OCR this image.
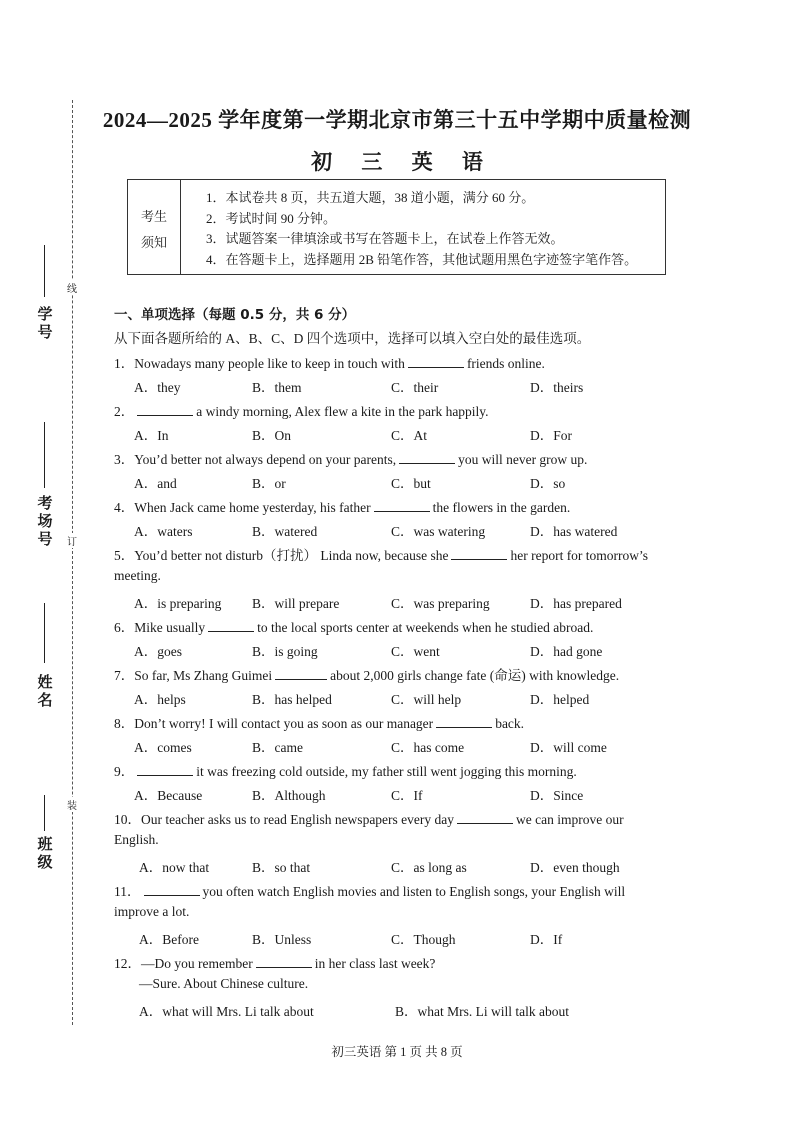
线
订
装
学号
考场号
姓名
班级
2024—2025 学年度第一学期北京市第三十五中学期中质量检测
初 三 英 语
考生
须知
1．本试卷共 8 页，共五道大题，38 道小题，满分 60 分。
2．考试时间 90 分钟。
3．试题答案一律填涂或书写在答题卡上，在试卷上作答无效。
4．在答题卡上，选择题用 2B 铅笔作答，其他试题用黑色字迹签字笔作答。
一、单项选择（每题 0.5 分，共 6 分）
从下面各题所给的 A、B、C、D 四个选项中，选择可以填入空白处的最佳选项。
1．Nowadays many people like to keep in touch with	friends online.
A．they	B．them	C．their	D．theirs
2．	a windy morning, Alex flew a kite in the park happily.
A．In	B．On	C．At	D．For
3．You’d better not always depend on your parents,	you will never grow up.
A．and	B．or	C．but	D．so
4．When Jack came home yesterday, his father	the flowers in the garden.
A．waters	B．watered	C．was watering	D．has watered
5．You’d better not disturb（打扰） Linda now, because she	her report for tomorrow’s
meeting.
A．is preparing B．will prepare	C．was preparing	D．has prepared
6．Mike usually	to the local sports center at weekends when he studied abroad.
A．goes	B．is going	C．went	D．had gone
7．So far, Ms Zhang Guimei	about 2,000 girls change fate (命运) with knowledge.
A．helps	B．has helped	C．will help	D．helped
8．Don’t worry! I will contact you as soon as our manager	back.
A．comes	B．came	C．has come	D．will come
9．	it was freezing cold outside, my father still went jogging this morning.
A．Because	B．Although	C．If	D．Since
10．Our teacher asks us to read English newspapers every day	we can improve our
English.
A．now that	B．so that	C．as long as	D．even though
11．	you often watch English movies and listen to English songs, your English will
improve a lot.
A．Before	B．Unless	C．Though	D．If
12．—Do you remember	in her class last week?
—Sure. About Chinese culture.
A．what will Mrs. Li talk about	B．what Mrs. Li will talk about
初三英语 第 1 页 共 8 页
